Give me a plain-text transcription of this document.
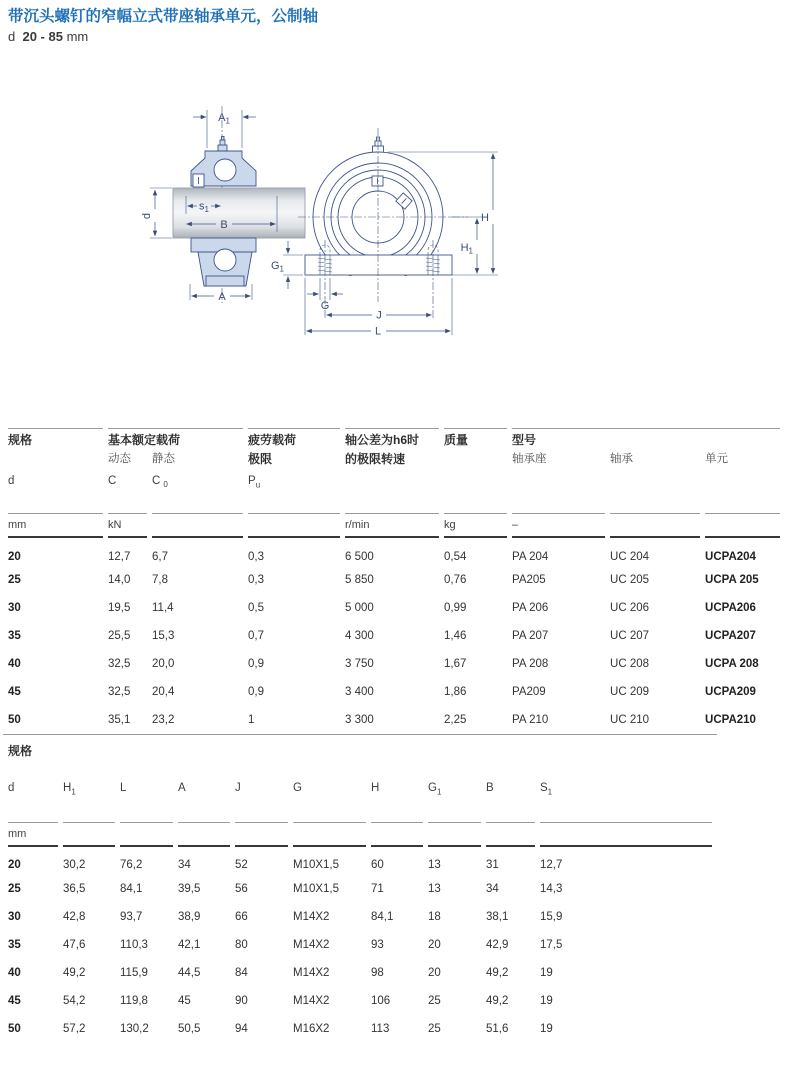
带沉头螺钉的窄幅立式带座轴承单元，公制轴
d 20 - 85 mm
$A_1$
d
$s_1$
B
A
H
$H_1$
$G_1$
G
J
L
规格	基本额定载荷		疲劳载荷	轴公差为h6时	质量	型号		
	动态	静态	极限	的极限转速		轴承座	轴承	单元
d	C	C $_0$	$P_u$					
mm	kN			r/min	kg	–		
20	12,7	6,7	0,3	6 500	0,54	PA 204	UC 204	UCPA204
25	14,0	7,8	0,3	5 850	0,76	PA205	UC 205	UCPA 205
30	19,5	11,4	0,5	5 000	0,99	PA 206	UC 206	UCPA206
35	25,5	15,3	0,7	4 300	1,46	PA 207	UC 207	UCPA207
40	32,5	20,0	0,9	3 750	1,67	PA 208	UC 208	UCPA 208
45	32,5	20,4	0,9	3 400	1,86	PA209	UC 209	UCPA209
50	35,1	23,2	1	3 300	2,25	PA 210	UC 210	UCPA210
规格
d	$H_1$	L	A	J	G	H	$G_1$	B	$S_1$
mm									
20	30,2	76,2	34	52	M10X1,5	60	13	31	12,7
25	36,5	84,1	39,5	56	M10X1,5	71	13	34	14,3
30	42,8	93,7	38,9	66	M14X2	84,1	18	38,1	15,9
35	47,6	110,3	42,1	80	M14X2	93	20	42,9	17,5
40	49,2	115,9	44,5	84	M14X2	98	20	49,2	19
45	54,2	119,8	45	90	M14X2	106	25	49,2	19
50	57,2	130,2	50,5	94	M16X2	113	25	51,6	19
